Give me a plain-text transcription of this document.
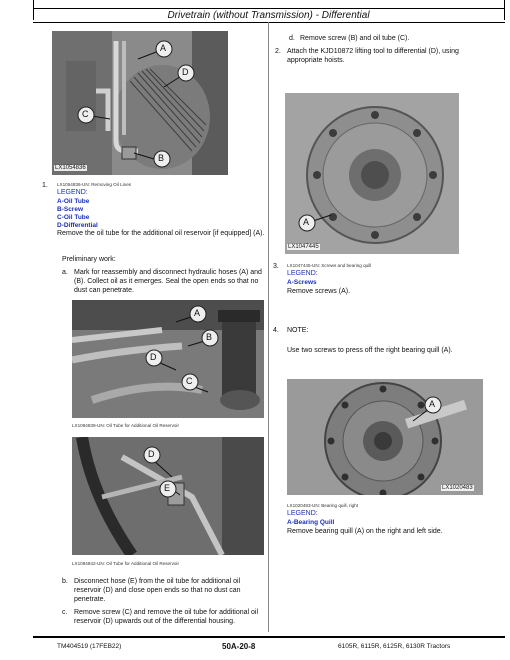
Drivetrain (without Transmission) - Differential
A
D
C
B
LX1054836
1. LX1054836-UN: Removing Oil Lines
LEGEND:
A-Oil Tube
B-Screw
C-Oil Tube
D-Differential
Remove the oil tube for the additional oil reservoir [if equipped] (A).
Preliminary work:
a. Mark for reassembly and disconnect hydraulic hoses (A) and (B). Collect oil as it emerges. Seal the open ends so that no dust can penetrate.
A
B
D
C
LX1094839-UN: Oil Tube for Additional Oil Reservoir
D
E
LX1094842-UN: Oil Tube for Additional Oil Reservoir
b. Disconnect hose (E) from the oil tube for additional oil reservoir (D) and close open ends so that no dust can penetrate.
c. Remove screw (C) and remove the oil tube for additional oil reservoir (D) upwards out of the differential housing.
d. Remove screw (B) and oil tube (C).
2. Attach the KJD10872 lifting tool to differential (D), using appropriate hoists.
A
LX1047445
3. LX1047445-UN: Screws and bearing quill
LEGEND:
A-Screws
Remove screws (A).
4. NOTE:
Use two screws to press off the right bearing quill (A).
A
LX1020483
LX1020483-UN: Bearing quill, right
LEGEND:
A-Bearing Quill
Remove bearing quill (A) on the right and left side.
TM404519 (17FEB22)	50A-20-8	6105R, 6115R, 6125R, 6130R Tractors
